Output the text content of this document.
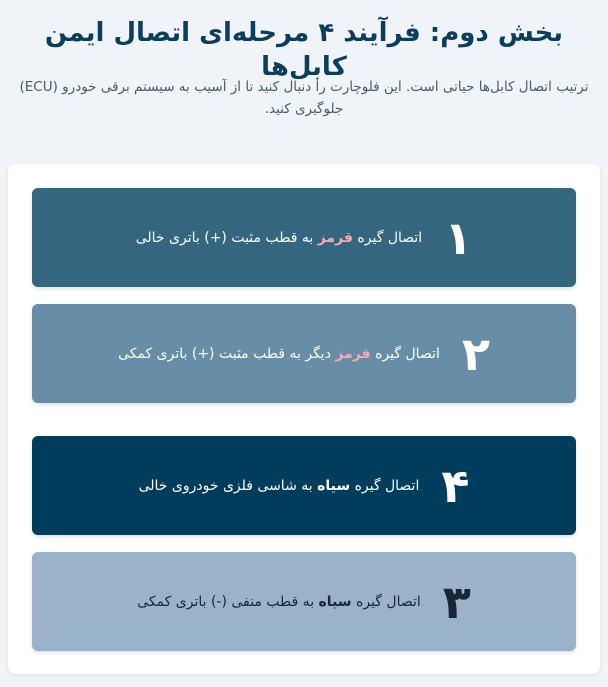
بخش دوم: فرآیند ۴ مرحله‌ای اتصال ایمن کابل‌ها

ترتیب اتصال کابل‌ها حیاتی است. این فلوچارت را دنبال کنید تا از آسیب به سیستم برقی خودرو (ECU) جلوگیری کنید.

۱
اتصال گیره قرمز به قطب مثبت (+) باتری خالی
۲
اتصال گیره قرمز دیگر به قطب مثبت (+) باتری کمکی
۴
اتصال گیره سیاه به شاسی فلزی خودروی خالی
۳
اتصال گیره سیاه به قطب منفی (-) باتری کمکی
